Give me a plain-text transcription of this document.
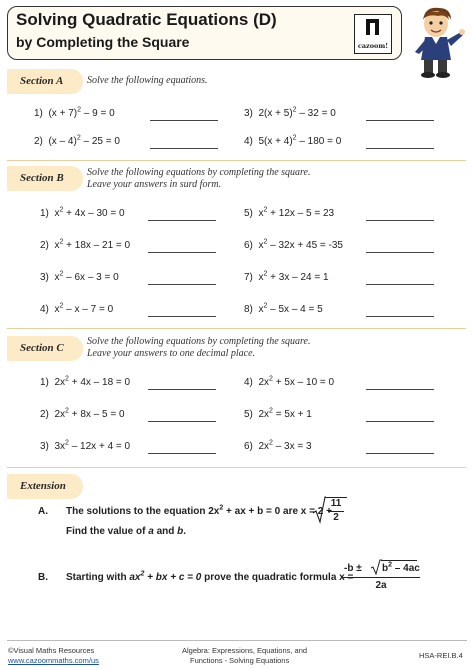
Solving Quadratic Equations (D)
by Completing the Square	cazoom!
Section A Solve the following equations.
1) $(x + 7)^2 - 9 = 0$	3) $2(x + 5)^2 - 32 = 0$
2) (x – 4)$^2$ – 25 = 0	4) $5(x + 4)^2 - 180 = 0$
Section B Solve the following equations by completing the square.
Leave your answers in surd form.
1) $x^2 + 4x - 30 = 0$	5) $x^2 + 12x - 5 = 23$
2) $x^2 + 18x - 21 = 0$	6) $x^2 - 32x + 45 = -35$
3) $x^2 - 6x - 3 = 0$	7) $x^2 + 3x - 24 = 1$
4) $x^2 - x - 7 = 0$	8) $x^2 - 5x - 4 = 5$
Section C
Solve the following equations by completing the square.
Leave your answers to one decimal place.
1) $2x^2 + 4x - 18 = 0$	4) $2x^2 + 5x - 10 = 0$
2) $2x^2 + 8x - 5 = 0$	5) $2x^2 = 5x + 1$
3) $3x^2 - 12x + 4 = 0$	6) $2x^2 - 3x = 3$
Extension
A. The solutions to the equation $2x^2$ + ax + b = 0 are x = 2 +
11
2
Find the value of a and b.
B. Starting with $ax^2$ + bx + c = 0 prove the quadratic formula x =
$-b \pm b^2 - 4ac$
2a
©Visual Maths Resources
www.cazoommaths.com/us
Algebra: Expressions, Equations, and
Functions - Solving Equations
HSA-REI.B.4
